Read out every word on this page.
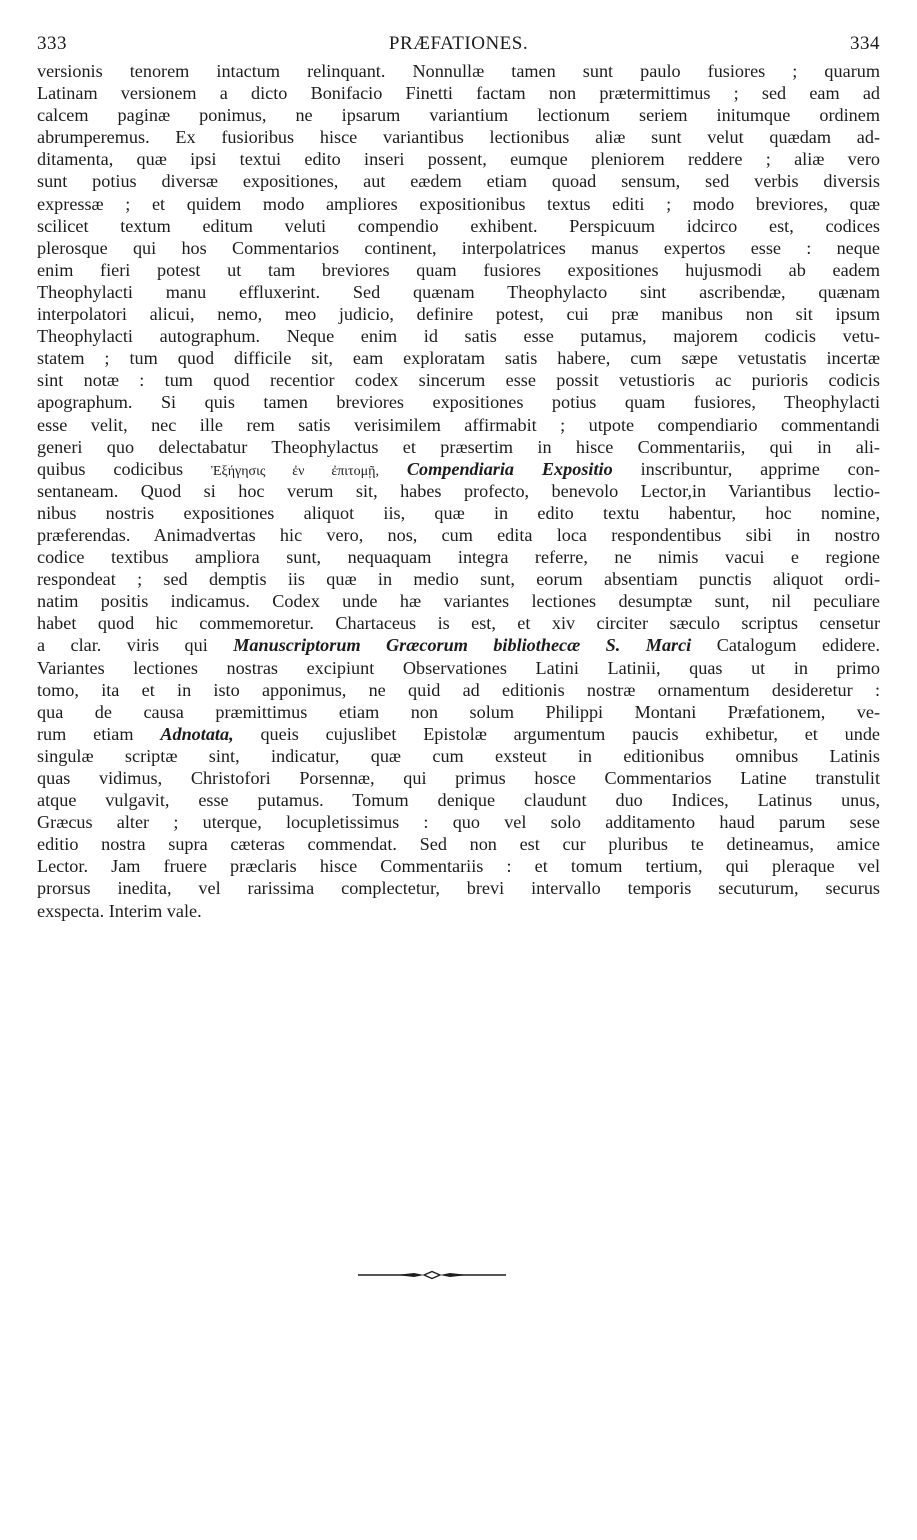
333	PRÆFATIONES.	334
versionis tenorem intactum relinquant. Nonnullæ tamen sunt paulo fusiores ; quarum
Latinam versionem a dicto Bonifacio Finetti factam non prætermittimus ; sed eam ad
calcem paginæ ponimus, ne ipsarum variantium lectionum seriem initumque ordinem
abrumperemus. Ex fusioribus hisce variantibus lectionibus aliæ sunt velut quædam ad-
ditamenta, quæ ipsi textui edito inseri possent, eumque pleniorem reddere ; aliæ vero
sunt potius diversæ expositiones, aut eædem etiam quoad sensum, sed verbis diversis
expressæ ; et quidem modo ampliores expositionibus textus editi ; modo breviores, quæ
scilicet textum editum veluti compendio exhibent. Perspicuum idcirco est, codices
plerosque qui hos Commentarios continent, interpolatrices manus expertos esse : neque
enim fieri potest ut tam breviores quam fusiores expositiones hujusmodi ab eadem
Theophylacti manu effluxerint. Sed quænam Theophylacto sint ascribendæ, quænam
interpolatori alicui, nemo, meo judicio, definire potest, cui præ manibus non sit ipsum
Theophylacti autographum. Neque enim id satis esse putamus, majorem codicis vetu-
statem ; tum quod difficile sit, eam exploratam satis habere, cum sæpe vetustatis incertæ
sint notæ : tum quod recentior codex sincerum esse possit vetustioris ac purioris codicis
apographum. Si quis tamen breviores expositiones potius quam fusiores, Theophylacti
esse velit, nec ille rem satis verisimilem affirmabit ; utpote compendiario commentandi
generi quo delectabatur Theophylactus et præsertim in hisce Commentariis, qui in ali-
quibus codicibus Ἐξήγησις ἐν ἐπιτομῇ, Compendiaria Expositio inscribuntur, apprime con-
sentaneam. Quod si hoc verum sit, habes profecto, benevolo Lector,in Variantibus lectio-
nibus nostris expositiones aliquot iis, quæ in edito textu habentur, hoc nomine,
præferendas. Animadvertas hic vero, nos, cum edita loca respondentibus sibi in nostro
codice textibus ampliora sunt, nequaquam integra referre, ne nimis vacui e regione
respondeat ; sed demptis iis quæ in medio sunt, eorum absentiam punctis aliquot ordi-
natim positis indicamus. Codex unde hæ variantes lectiones desumptæ sunt, nil peculiare
habet quod hic commemoretur. Chartaceus is est, et xiv circiter sæculo scriptus censetur
a clar. viris qui Manuscriptorum Græcorum bibliothecæ S. Marci Catalogum edidere.
Variantes lectiones nostras excipiunt Observationes Latini Latinii, quas ut in primo
tomo, ita et in isto apponimus, ne quid ad editionis nostræ ornamentum desideretur :
qua de causa præmittimus etiam non solum Philippi Montani Præfationem, ve-
rum etiam Adnotata, queis cujuslibet Epistolæ argumentum paucis exhibetur, et unde
singulæ scriptæ sint, indicatur, quæ cum exsteut in editionibus omnibus Latinis
quas vidimus, Christofori Porsennæ, qui primus hosce Commentarios Latine transtulit
atque vulgavit, esse putamus. Tomum denique claudunt duo Indices, Latinus unus,
Græcus alter ; uterque, locupletissimus : quo vel solo additamento haud parum sese
editio nostra supra cæteras commendat. Sed non est cur pluribus te detineamus, amice
Lector. Jam fruere præclaris hisce Commentariis : et tomum tertium, qui pleraque vel
prorsus inedita, vel rarissima complectetur, brevi intervallo temporis secuturum, securus
exspecta. Interim vale.
